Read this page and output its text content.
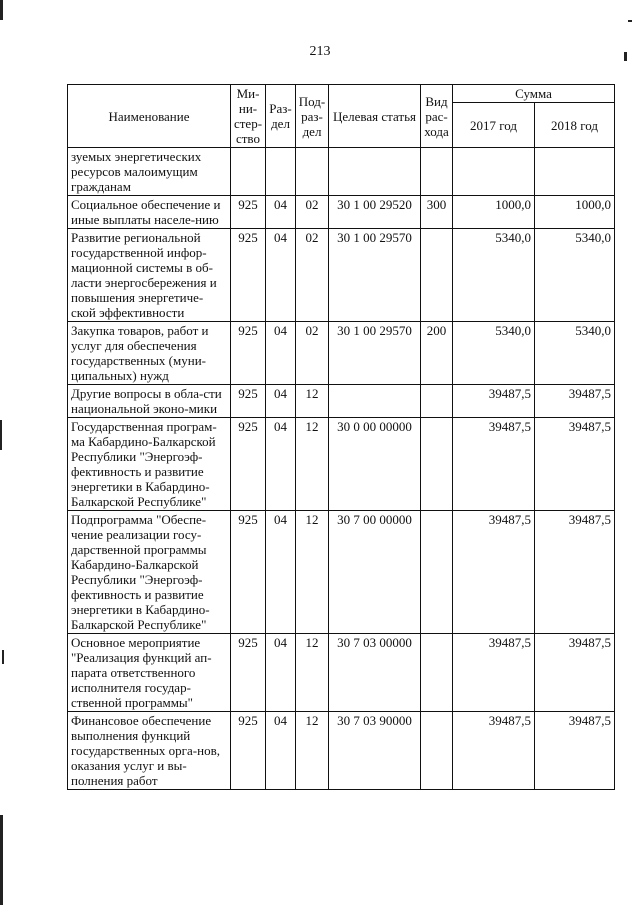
213
Наименование	Ми-ни-стер-ство	Раз-дел	Под-раз-дел	Целевая статья	Вид рас-хода	Сумма	
						2017 год	2018 год
зуемых энергетических ресурсов малоимущим гражданам							
Социальное обеспечение и иные выплаты населе-нию	925	04	02	30 1 00 29520	300	1000,0	1000,0
Развитие региональной государственной инфор-мационной системы в об-ласти энергосбережения и повышения энергетиче-ской эффективности	925	04	02	30 1 00 29570		5340,0	5340,0
Закупка товаров, работ и услуг для обеспечения государственных (муни-ципальных) нужд	925	04	02	30 1 00 29570	200	5340,0	5340,0
Другие вопросы в обла-сти национальной эконо-мики	925	04	12			39487,5	39487,5
Государственная програм-ма Кабардино-Балкарской Республики "Энергоэф-фективность и развитие энергетики в Кабардино-Балкарской Республике"	925	04	12	30 0 00 00000		39487,5	39487,5
Подпрограмма "Обеспе-чение реализации госу-дарственной программы Кабардино-Балкарской Республики "Энергоэф-фективность и развитие энергетики в Кабардино-Балкарской Республике"	925	04	12	30 7 00 00000		39487,5	39487,5
Основное мероприятие "Реализация функций ап-парата ответственного исполнителя государ-ственной программы"	925	04	12	30 7 03 00000		39487,5	39487,5
Финансовое обеспечение выполнения функций государственных орга-нов, оказания услуг и вы-полнения работ	925	04	12	30 7 03 90000		39487,5	39487,5
